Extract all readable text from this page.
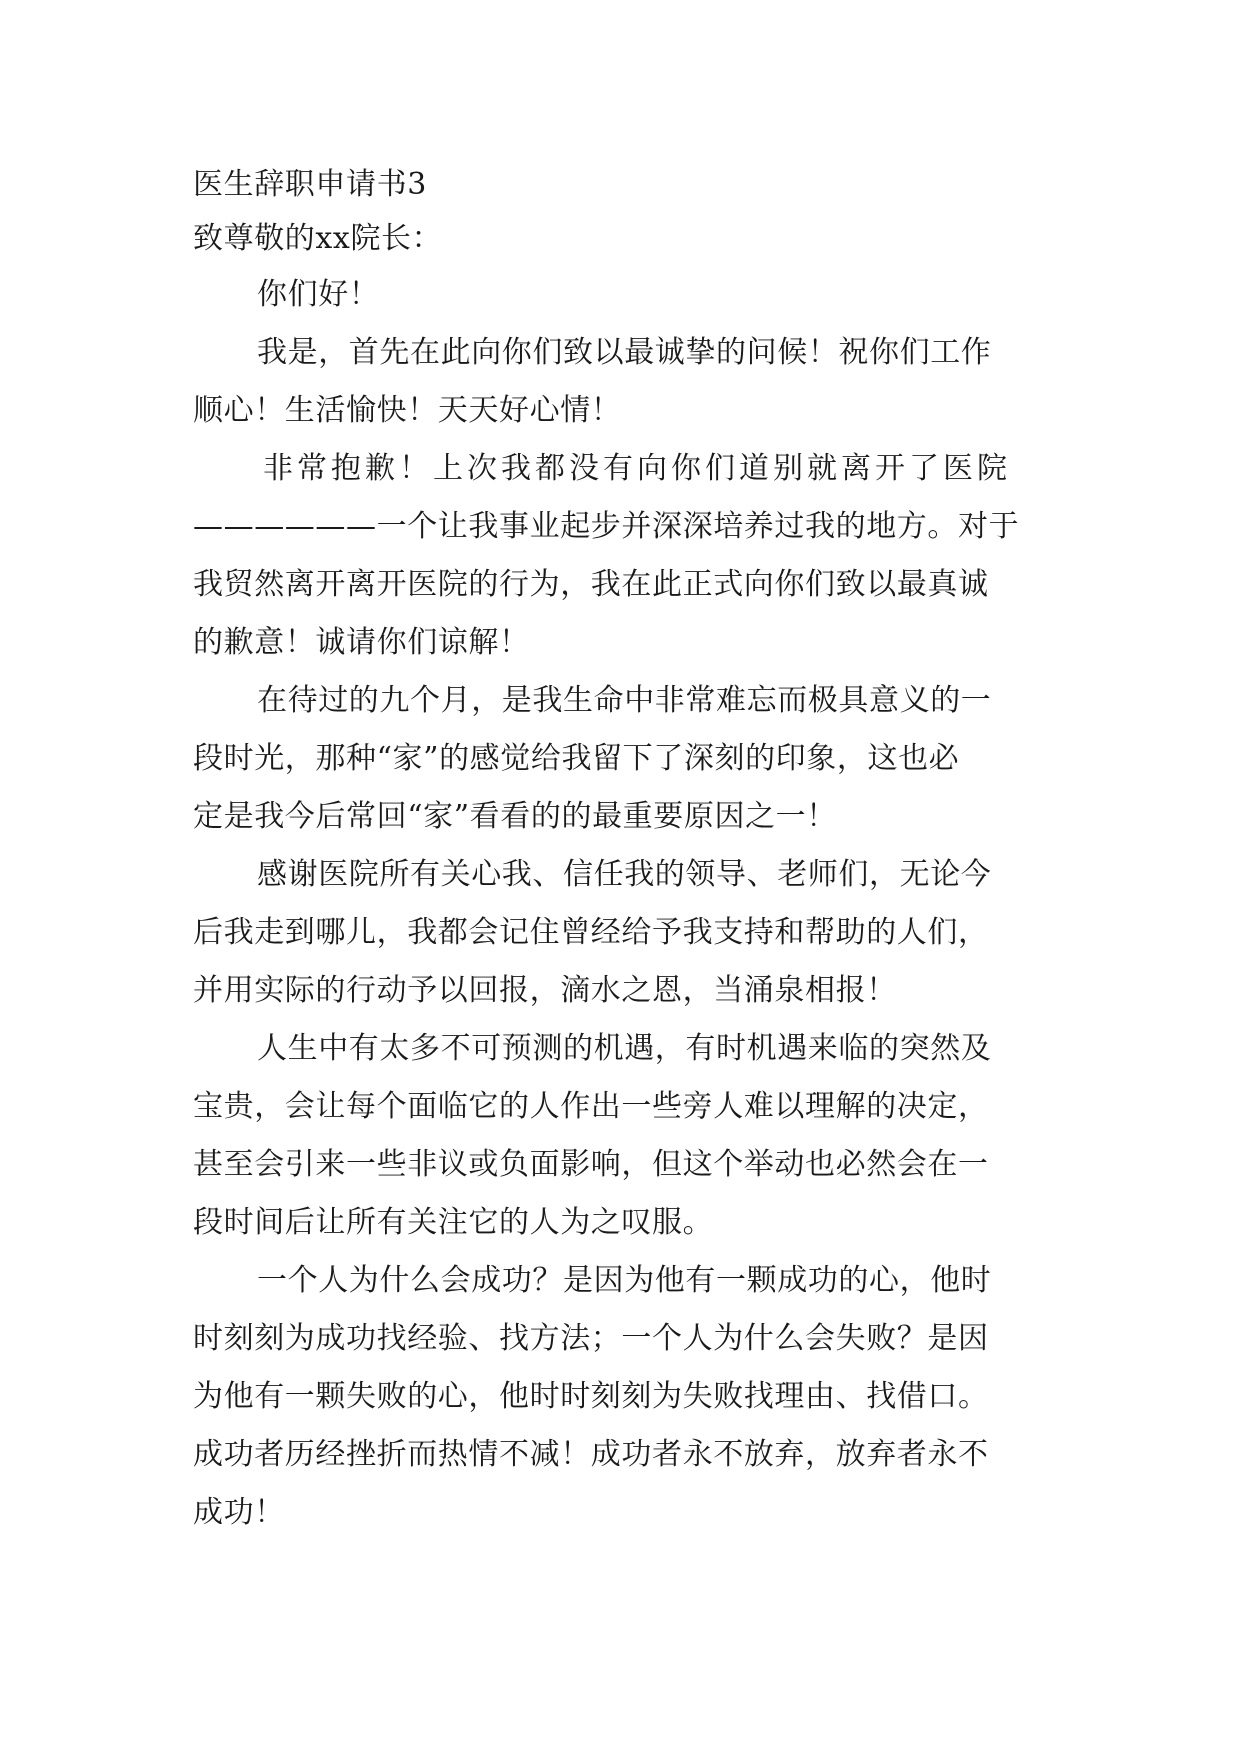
医生辞职申请书3
致尊敬的xx院长：
你们好！
我是，首先在此向你们致以最诚挚的问候！祝你们工作
顺心！生活愉快！天天好心情！
非常抱歉！上次我都没有向你们道别就离开了医院
——————一个让我事业起步并深深培养过我的地方。对于
我贸然离开离开医院的行为，我在此正式向你们致以最真诚
的歉意！诚请你们谅解！
在待过的九个月，是我生命中非常难忘而极具意义的一
段时光，那种“家”的感觉给我留下了深刻的印象，这也必
定是我今后常回“家”看看的的最重要原因之一！
感谢医院所有关心我、信任我的领导、老师们，无论今
后我走到哪儿，我都会记住曾经给予我支持和帮助的人们，
并用实际的行动予以回报，滴水之恩，当涌泉相报！
人生中有太多不可预测的机遇，有时机遇来临的突然及
宝贵，会让每个面临它的人作出一些旁人难以理解的决定，
甚至会引来一些非议或负面影响，但这个举动也必然会在一
段时间后让所有关注它的人为之叹服。
一个人为什么会成功？是因为他有一颗成功的心，他时
时刻刻为成功找经验、找方法；一个人为什么会失败？是因
为他有一颗失败的心，他时时刻刻为失败找理由、找借口。
成功者历经挫折而热情不减！成功者永不放弃，放弃者永不
成功！
